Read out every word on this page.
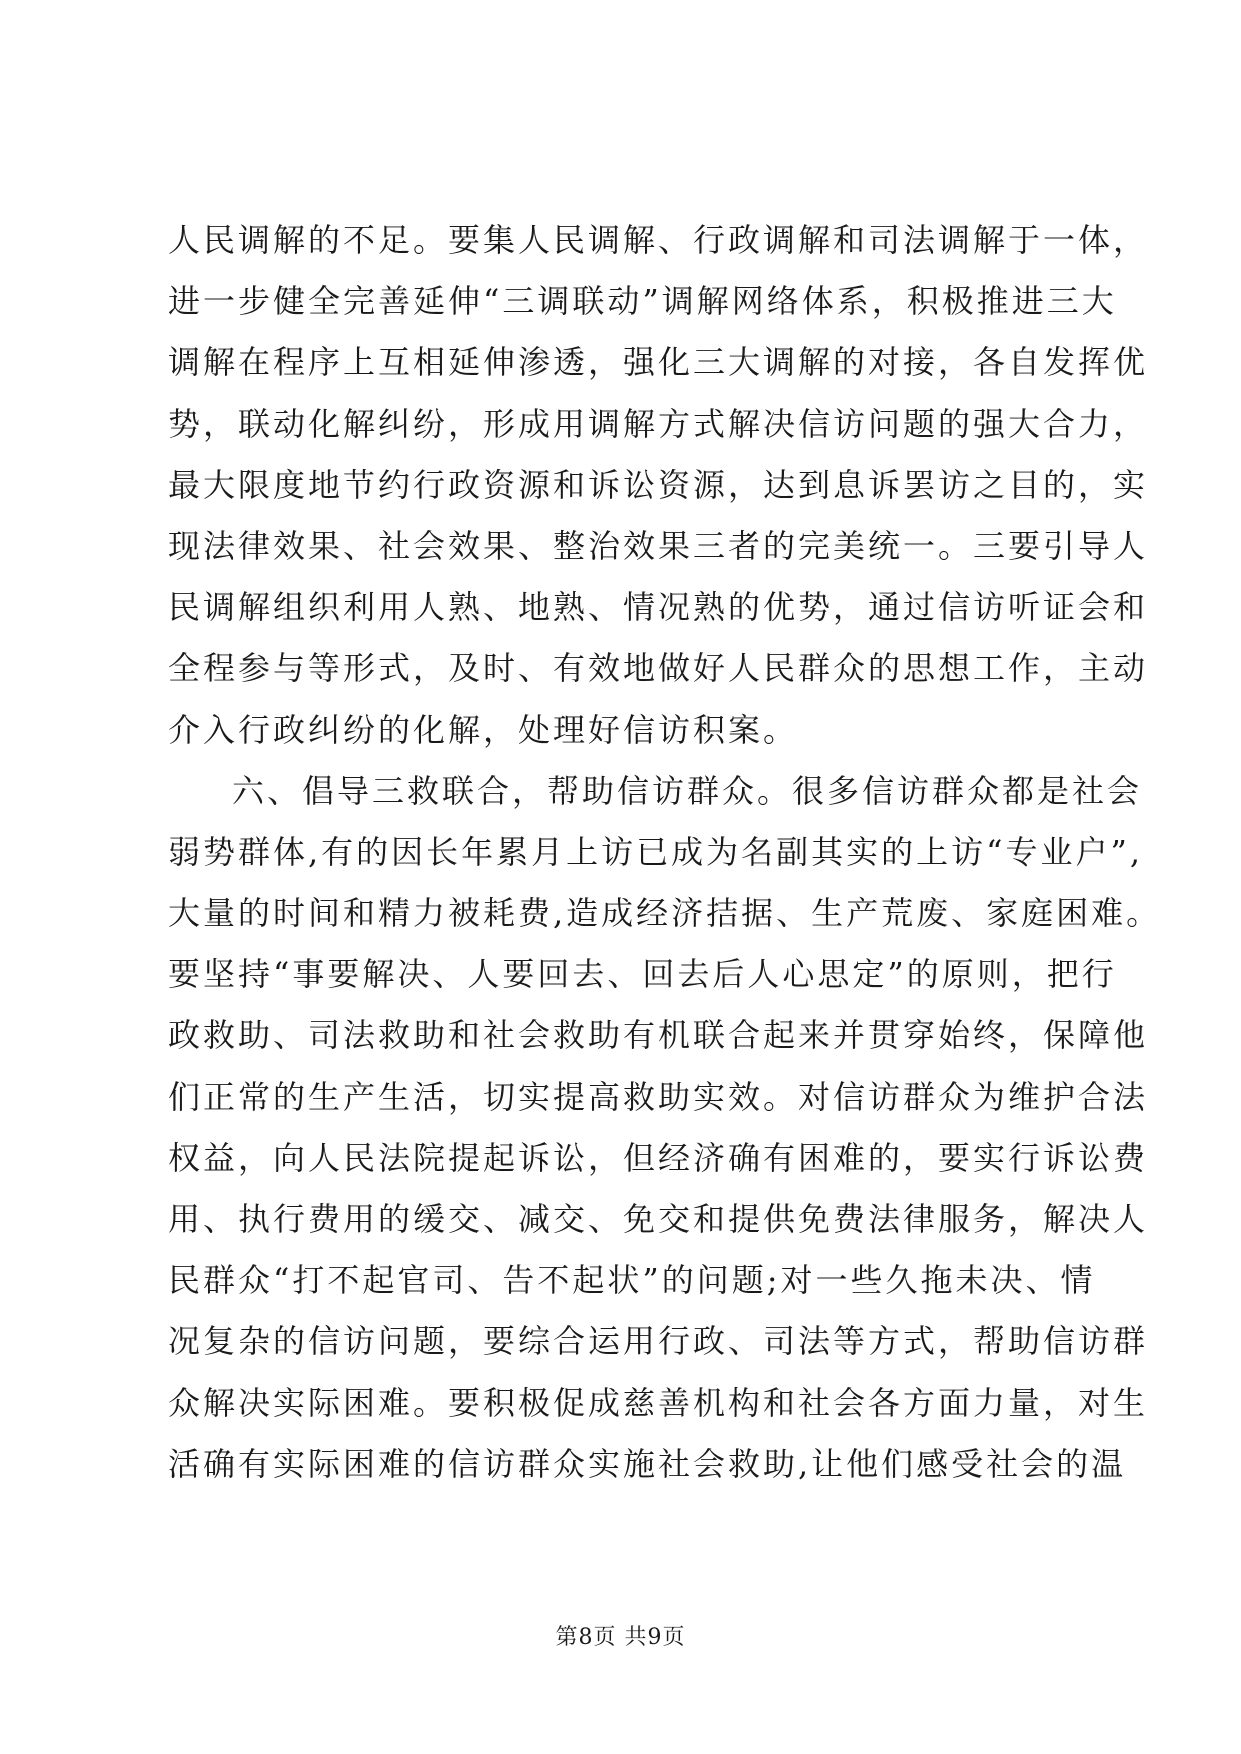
人民调解的不足。要集人民调解、行政调解和司法调解于一体，
进一步健全完善延伸“三调联动”调解网络体系，积极推进三大
调解在程序上互相延伸渗透，强化三大调解的对接，各自发挥优
势，联动化解纠纷，形成用调解方式解决信访问题的强大合力，
最大限度地节约行政资源和诉讼资源，达到息诉罢访之目的，实
现法律效果、社会效果、整治效果三者的完美统一。三要引导人
民调解组织利用人熟、地熟、情况熟的优势，通过信访听证会和
全程参与等形式，及时、有效地做好人民群众的思想工作，主动
介入行政纠纷的化解，处理好信访积案。
六、倡导三救联合，帮助信访群众。很多信访群众都是社会
弱势群体,有的因长年累月上访已成为名副其实的上访“专业户”,
大量的时间和精力被耗费,造成经济拮据、生产荒废、家庭困难。
要坚持“事要解决、人要回去、回去后人心思定”的原则，把行
政救助、司法救助和社会救助有机联合起来并贯穿始终，保障他
们正常的生产生活，切实提高救助实效。对信访群众为维护合法
权益，向人民法院提起诉讼，但经济确有困难的，要实行诉讼费
用、执行费用的缓交、减交、免交和提供免费法律服务，解决人
民群众“打不起官司、告不起状”的问题;对一些久拖未决、情
况复杂的信访问题，要综合运用行政、司法等方式，帮助信访群
众解决实际困难。要积极促成慈善机构和社会各方面力量，对生
活确有实际困难的信访群众实施社会救助,让他们感受社会的温
第8页 共9页
